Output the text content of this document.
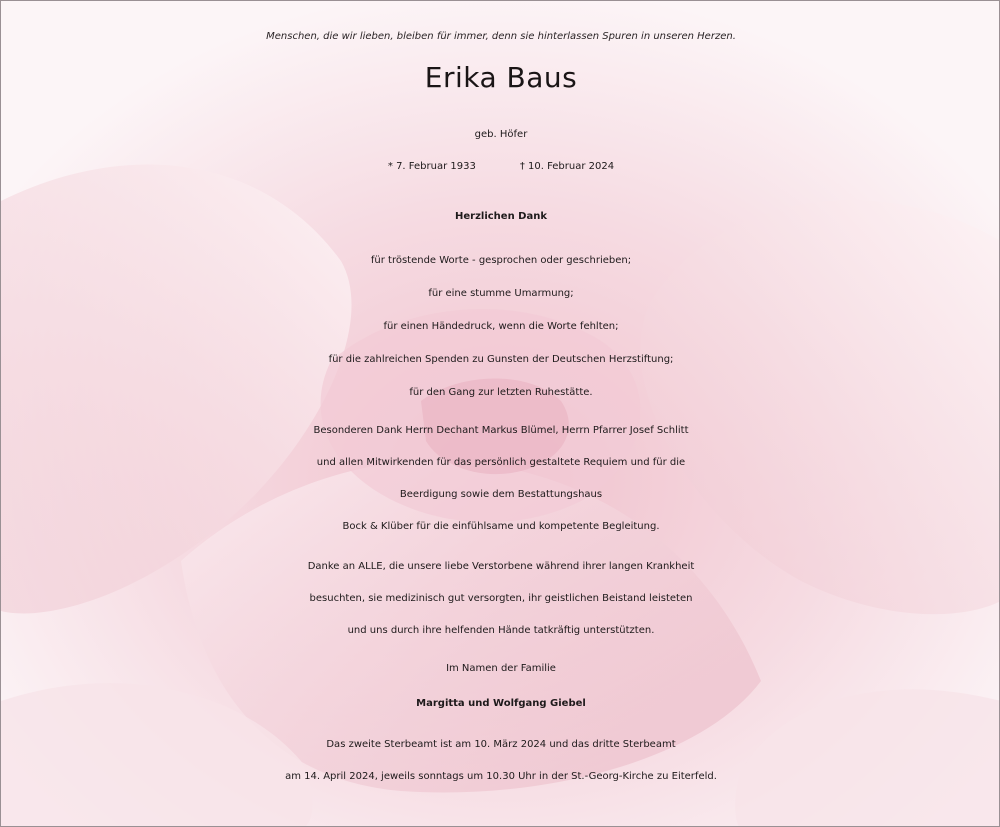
Menschen, die wir lieben, bleiben für immer, denn sie hinterlassen Spuren in unseren Herzen.

Erika Baus

geb. Höfer

* 7. Februar 1933	† 10. Februar 2024

Herzlichen Dank

für tröstende Worte - gesprochen oder geschrieben;

für eine stumme Umarmung;

für einen Händedruck, wenn die Worte fehlten;

für die zahlreichen Spenden zu Gunsten der Deutschen Herzstiftung;

für den Gang zur letzten Ruhestätte.

Besonderen Dank Herrn Dechant Markus Blümel, Herrn Pfarrer Josef Schlitt

und allen Mitwirkenden für das persönlich gestaltete Requiem und für die

Beerdigung sowie dem Bestattungshaus

Bock & Klüber für die einfühlsame und kompetente Begleitung.

Danke an ALLE, die unsere liebe Verstorbene während ihrer langen Krankheit

besuchten, sie medizinisch gut versorgten, ihr geistlichen Beistand leisteten

und uns durch ihre helfenden Hände tatkräftig unterstützten.

Im Namen der Familie

Margitta und Wolfgang Giebel

Das zweite Sterbeamt ist am 10. März 2024 und das dritte Sterbeamt

am 14. April 2024, jeweils sonntags um 10.30 Uhr in der St.-Georg-Kirche zu Eiterfeld.
